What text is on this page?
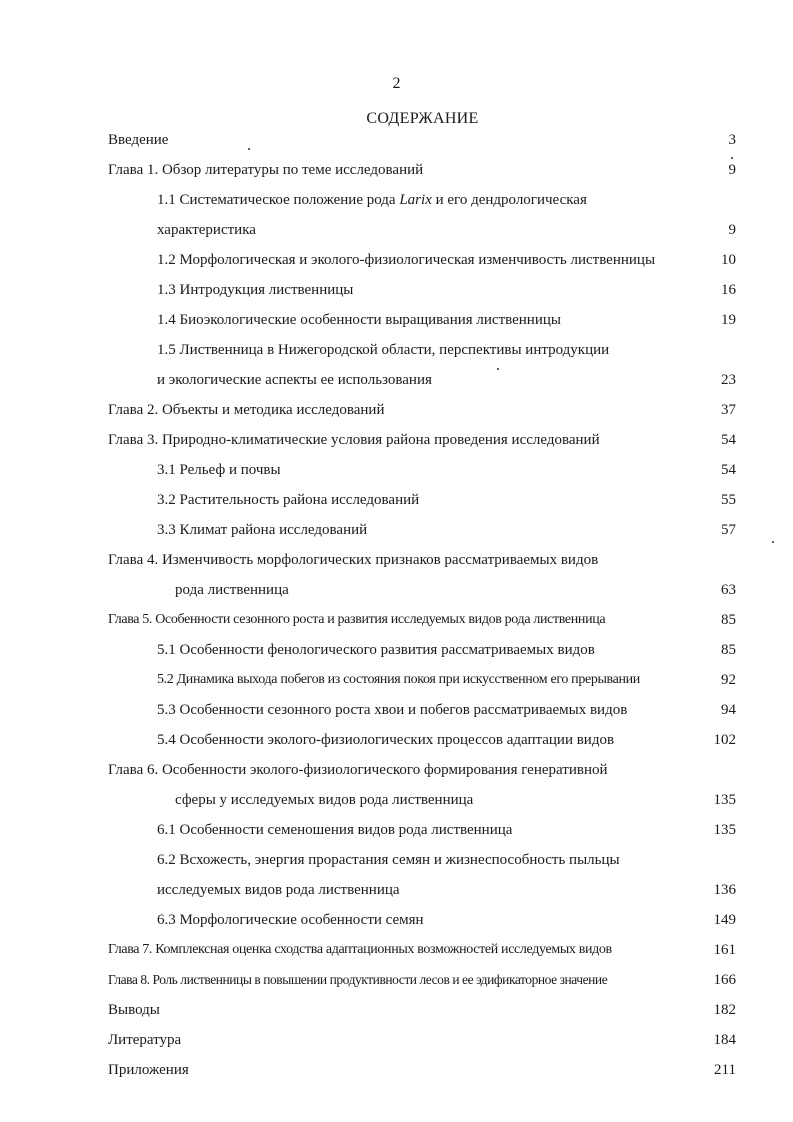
2
СОДЕРЖАНИЕ
Введение	3
Глава 1. Обзор литературы по теме исследований	9
1.1 Систематическое положение рода Larix и его дендрологическая
характеристика	9
1.2 Морфологическая и эколого-физиологическая изменчивость лиственницы	10
1.3 Интродукция лиственницы	16
1.4 Биоэкологические особенности выращивания лиственницы	19
1.5 Лиственница в Нижегородской области, перспективы интродукции
и экологические аспекты ее использования	23
Глава 2. Объекты и методика исследований	37
Глава 3. Природно-климатические условия района проведения исследований	54
3.1 Рельеф и почвы	54
3.2 Растительность района исследований	55
3.3 Климат района исследований	57
Глава 4. Изменчивость морфологических признаков рассматриваемых видов
рода лиственница	63
Глава 5. Особенности сезонного роста и развития исследуемых видов рода лиственница	85
5.1 Особенности фенологического развития рассматриваемых видов	85
5.2 Динамика выхода побегов из состояния покоя при искусственном его прерывании	92
5.3 Особенности сезонного роста хвои и побегов рассматриваемых видов	94
5.4 Особенности эколого-физиологических процессов адаптации видов	102
Глава 6. Особенности эколого-физиологического формирования генеративной
сферы у исследуемых видов рода лиственница	135
6.1 Особенности семеношения видов рода лиственница	135
6.2 Всхожесть, энергия прорастания семян и жизнеспособность пыльцы
исследуемых видов рода лиственница	136
6.3 Морфологические особенности семян	149
Глава 7. Комплексная оценка сходства адаптационных возможностей исследуемых видов	161
Глава 8. Роль лиственницы в повышении продуктивности лесов и ее эдификаторное значение	166
Выводы	182
Литература	184
Приложения	211
